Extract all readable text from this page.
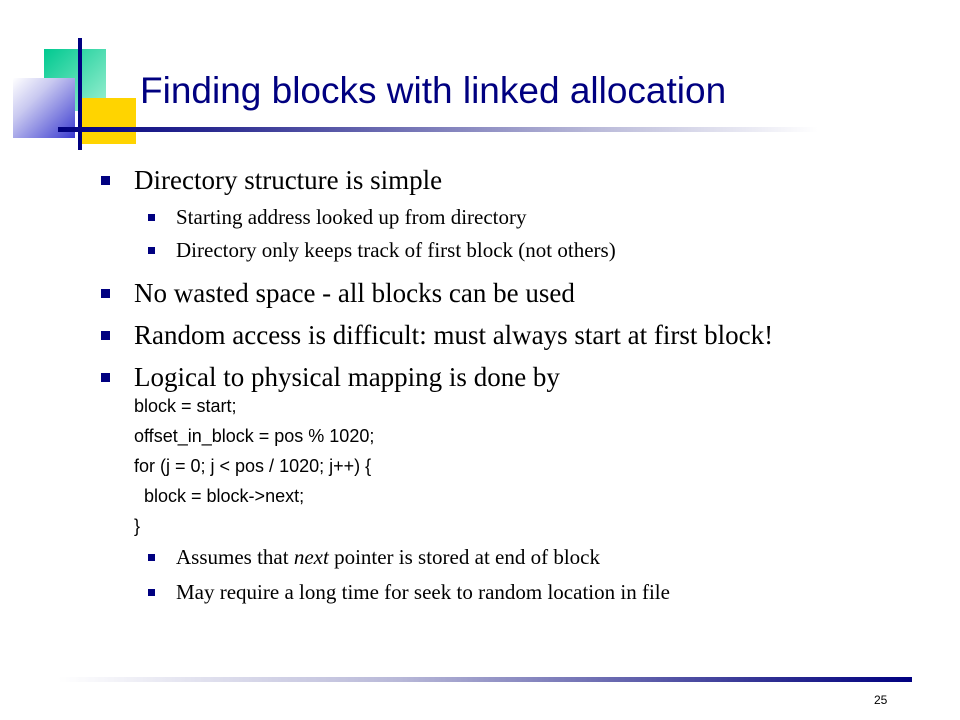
Finding blocks with linked allocation
Directory structure is simple
Starting address looked up from directory
Directory only keeps track of first block (not others)
No wasted space - all blocks can be used
Random access is difficult: must always start at first block!
Logical to physical mapping is done by
block = start;
offset_in_block = pos % 1020;
for (j = 0; j < pos / 1020; j++) {
block = block->next;
}
Assumes that next pointer is stored at end of block
May require a long time for seek to random location in file
25
